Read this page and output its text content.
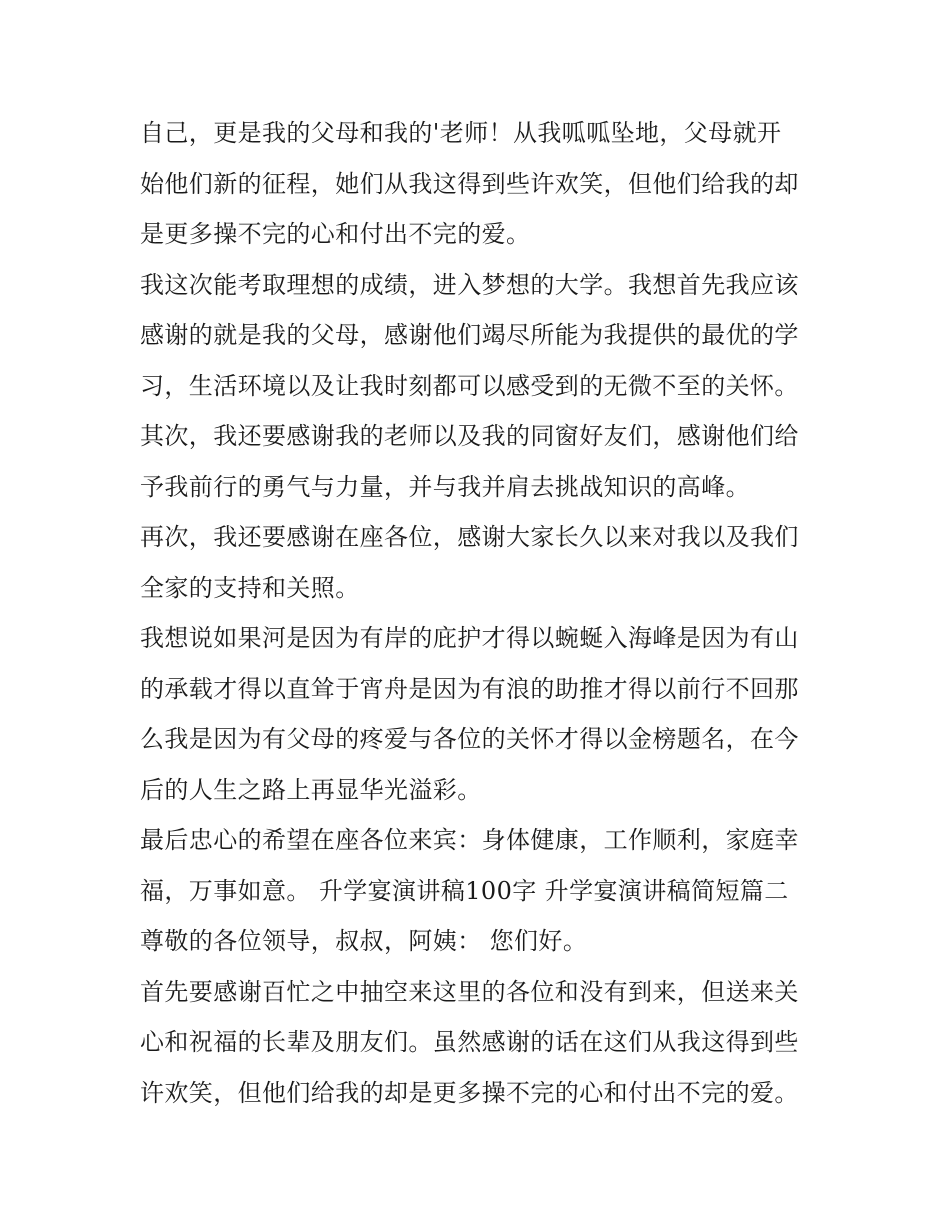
自己，更是我的父母和我的'老师！从我呱呱坠地，父母就开
始他们新的征程，她们从我这得到些许欢笑，但他们给我的却
是更多操不完的心和付出不完的爱。
我这次能考取理想的成绩，进入梦想的大学。我想首先我应该
感谢的就是我的父母，感谢他们竭尽所能为我提供的最优的学
习，生活环境以及让我时刻都可以感受到的无微不至的关怀。
其次，我还要感谢我的老师以及我的同窗好友们，感谢他们给
予我前行的勇气与力量，并与我并肩去挑战知识的高峰。
再次，我还要感谢在座各位，感谢大家长久以来对我以及我们
全家的支持和关照。
我想说如果河是因为有岸的庇护才得以蜿蜒入海峰是因为有山
的承载才得以直耸于宵舟是因为有浪的助推才得以前行不回那
么我是因为有父母的疼爱与各位的关怀才得以金榜题名，在今
后的人生之路上再显华光溢彩。
最后忠心的希望在座各位来宾：身体健康，工作顺利，家庭幸
福，万事如意。 升学宴演讲稿100字 升学宴演讲稿简短篇二
尊敬的各位领导，叔叔，阿姨： 您们好。
首先要感谢百忙之中抽空来这里的各位和没有到来，但送来关
心和祝福的长辈及朋友们。虽然感谢的话在这们从我这得到些
许欢笑，但他们给我的却是更多操不完的心和付出不完的爱。
